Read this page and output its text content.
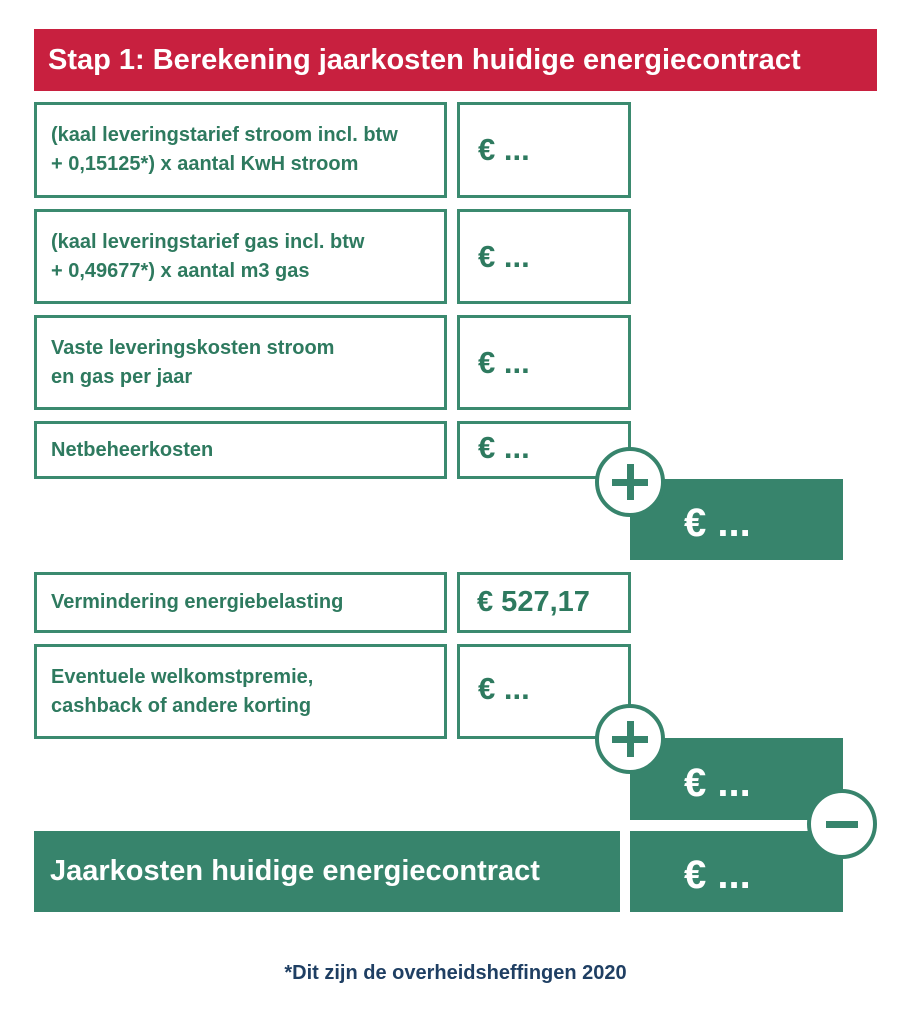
Stap 1: Berekening jaarkosten huidige energiecontract
(kaal leveringstarief stroom incl. btw
+ 0,15125*) x aantal KwH stroom	€ ...
(kaal leveringstarief gas incl. btw
+ 0,49677*) x aantal m3 gas	€ ...
Vaste leveringskosten stroom
en gas per jaar	€ ...
Netbeheerkosten	€ ...
€ ...
Vermindering energiebelasting	€ 527,17
Eventuele welkomstpremie,
cashback of andere korting	€ ...
€ ...
Jaarkosten huidige energiecontract	€ ...
*Dit zijn de overheidsheffingen 2020
